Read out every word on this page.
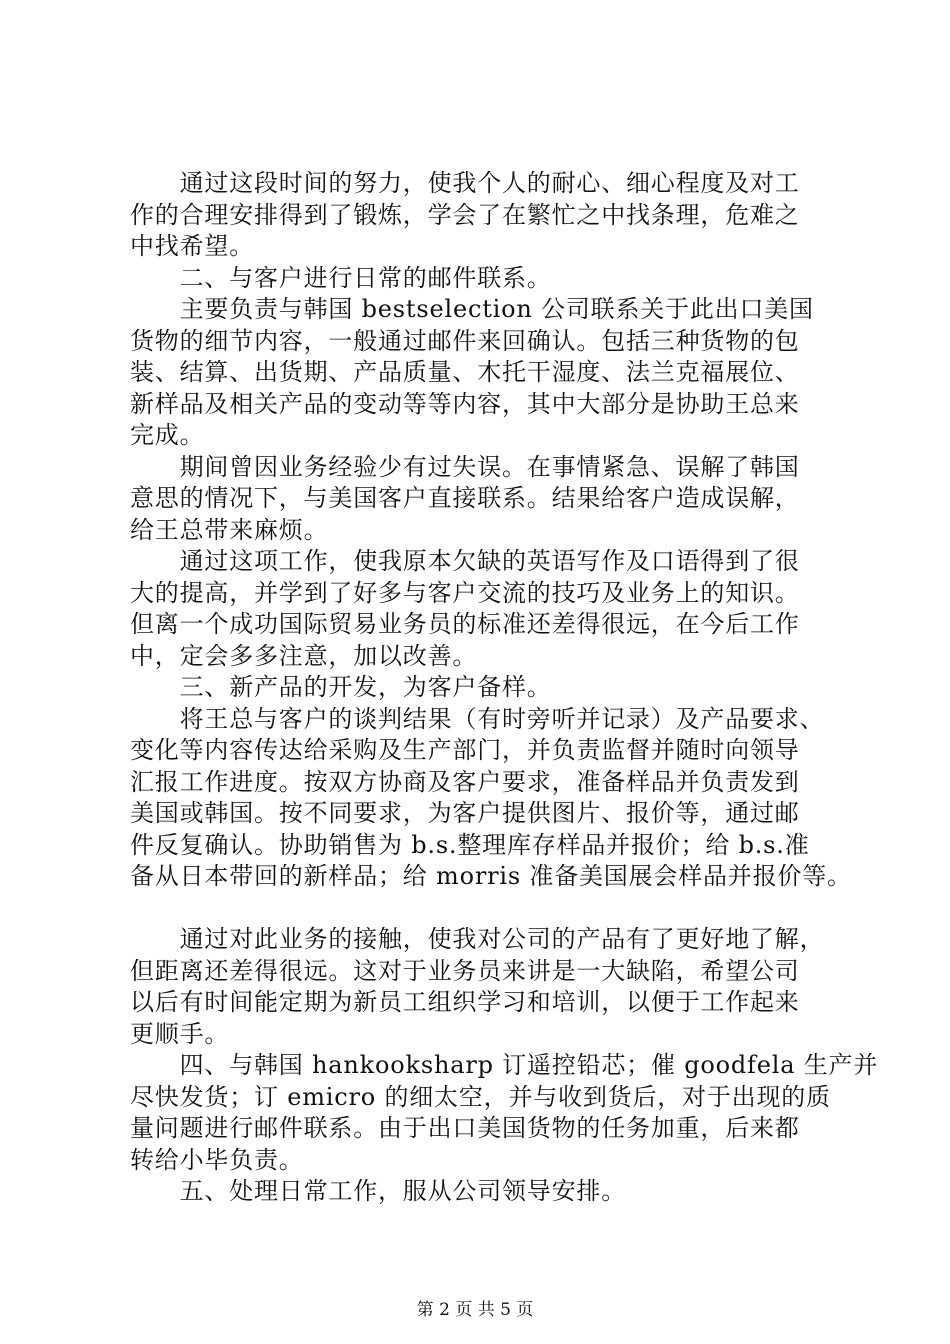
　　通过这段时间的努力，使我个人的耐心、细心程度及对工
作的合理安排得到了锻炼，学会了在繁忙之中找条理，危难之
中找希望。
　　二、与客户进行日常的邮件联系。
　　主要负责与韩国 bestselection 公司联系关于此出口美国
货物的细节内容，一般通过邮件来回确认。包括三种货物的包
装、结算、出货期、产品质量、木托干湿度、法兰克福展位、
新样品及相关产品的变动等等内容，其中大部分是协助王总来
完成。
　　期间曾因业务经验少有过失误。在事情紧急、误解了韩国
意思的情况下，与美国客户直接联系。结果给客户造成误解，
给王总带来麻烦。
　　通过这项工作，使我原本欠缺的英语写作及口语得到了很
大的提高，并学到了好多与客户交流的技巧及业务上的知识。
但离一个成功国际贸易业务员的标准还差得很远，在今后工作
中，定会多多注意，加以改善。
　　三、新产品的开发，为客户备样。
　　将王总与客户的谈判结果（有时旁听并记录）及产品要求、
变化等内容传达给采购及生产部门，并负责监督并随时向领导
汇报工作进度。按双方协商及客户要求，准备样品并负责发到
美国或韩国。按不同要求，为客户提供图片、报价等，通过邮
件反复确认。协助销售为 b.s.整理库存样品并报价；给 b.s.准
备从日本带回的新样品；给 morris 准备美国展会样品并报价等。
　　通过对此业务的接触，使我对公司的产品有了更好地了解，
但距离还差得很远。这对于业务员来讲是一大缺陷，希望公司
以后有时间能定期为新员工组织学习和培训，以便于工作起来
更顺手。
　　四、与韩国 hankooksharp 订遥控铅芯；催 goodfela 生产并
尽快发货；订 emicro 的细太空，并与收到货后，对于出现的质
量问题进行邮件联系。由于出口美国货物的任务加重，后来都
转给小毕负责。
　　五、处理日常工作，服从公司领导安排。
第 2 页 共 5 页
